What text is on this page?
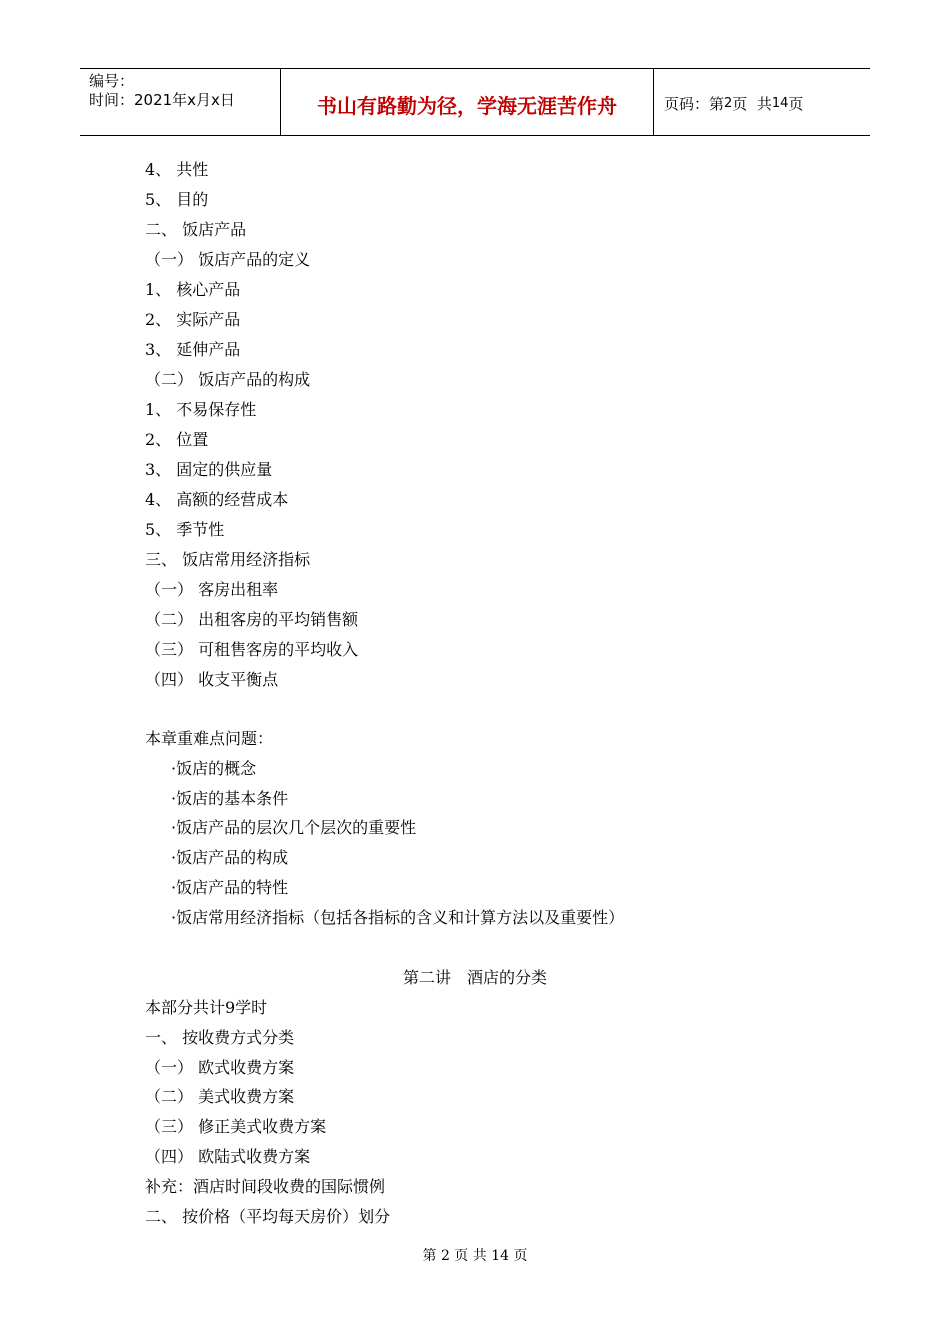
编号：
时间：2021年x月x日	书山有路勤为径，学海无涯苦作舟	页码：第 2 页  共 14 页
4、 共性
5、 目的
二、 饭店产品
（一） 饭店产品的定义
1、 核心产品
2、 实际产品
3、 延伸产品
（二） 饭店产品的构成
1、 不易保存性
2、 位置
3、 固定的供应量
4、 高额的经营成本
5、 季节性
三、 饭店常用经济指标
（一） 客房出租率
（二） 出租客房的平均销售额
（三） 可租售客房的平均收入
（四） 收支平衡点
本章重难点问题：
·饭店的概念
·饭店的基本条件
·饭店产品的层次几个层次的重要性
·饭店产品的构成
·饭店产品的特性
·饭店常用经济指标（包括各指标的含义和计算方法以及重要性）
第二讲　酒店的分类
本部分共计9学时
一、 按收费方式分类
（一） 欧式收费方案
（二） 美式收费方案
（三） 修正美式收费方案
（四） 欧陆式收费方案
补充：酒店时间段收费的国际惯例
二、 按价格（平均每天房价）划分
第 2 页 共 14 页
